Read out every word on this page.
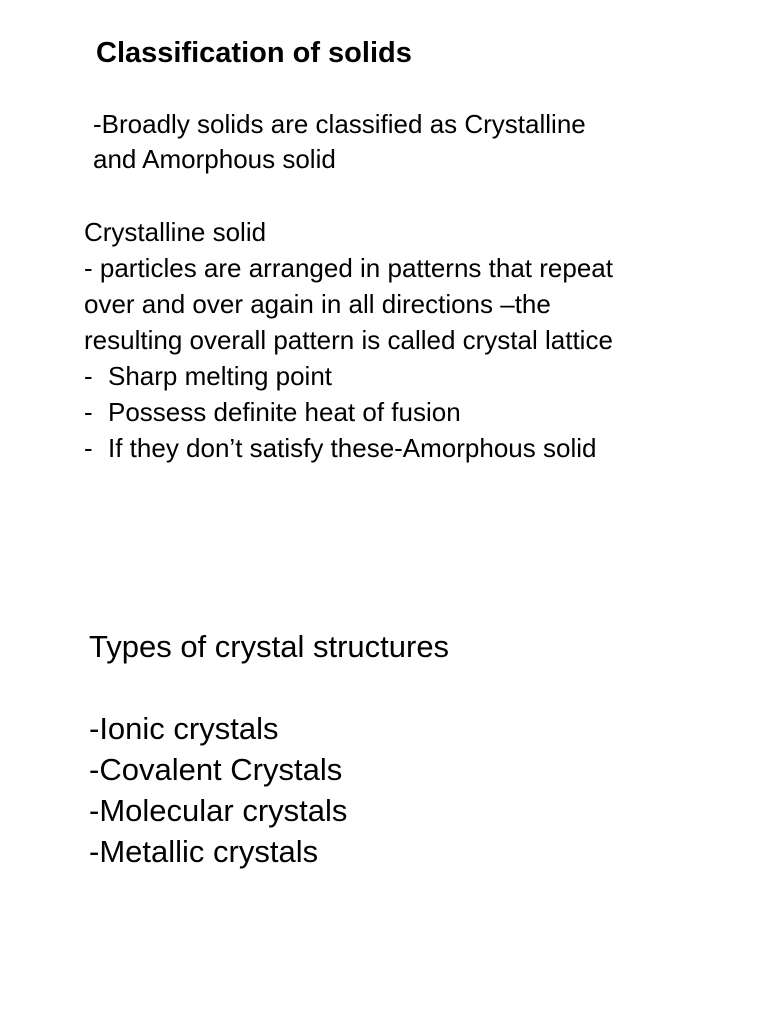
Classification of solids
-Broadly solids are classified as Crystalline
and Amorphous solid
Crystalline solid
- particles are arranged in patterns that repeat
over and over again in all directions –the
resulting overall pattern is called crystal lattice
- Sharp melting point
- Possess definite heat of fusion
- If they don’t satisfy these-Amorphous solid
Types of crystal structures
-Ionic crystals
-Covalent Crystals
-Molecular crystals
-Metallic crystals
